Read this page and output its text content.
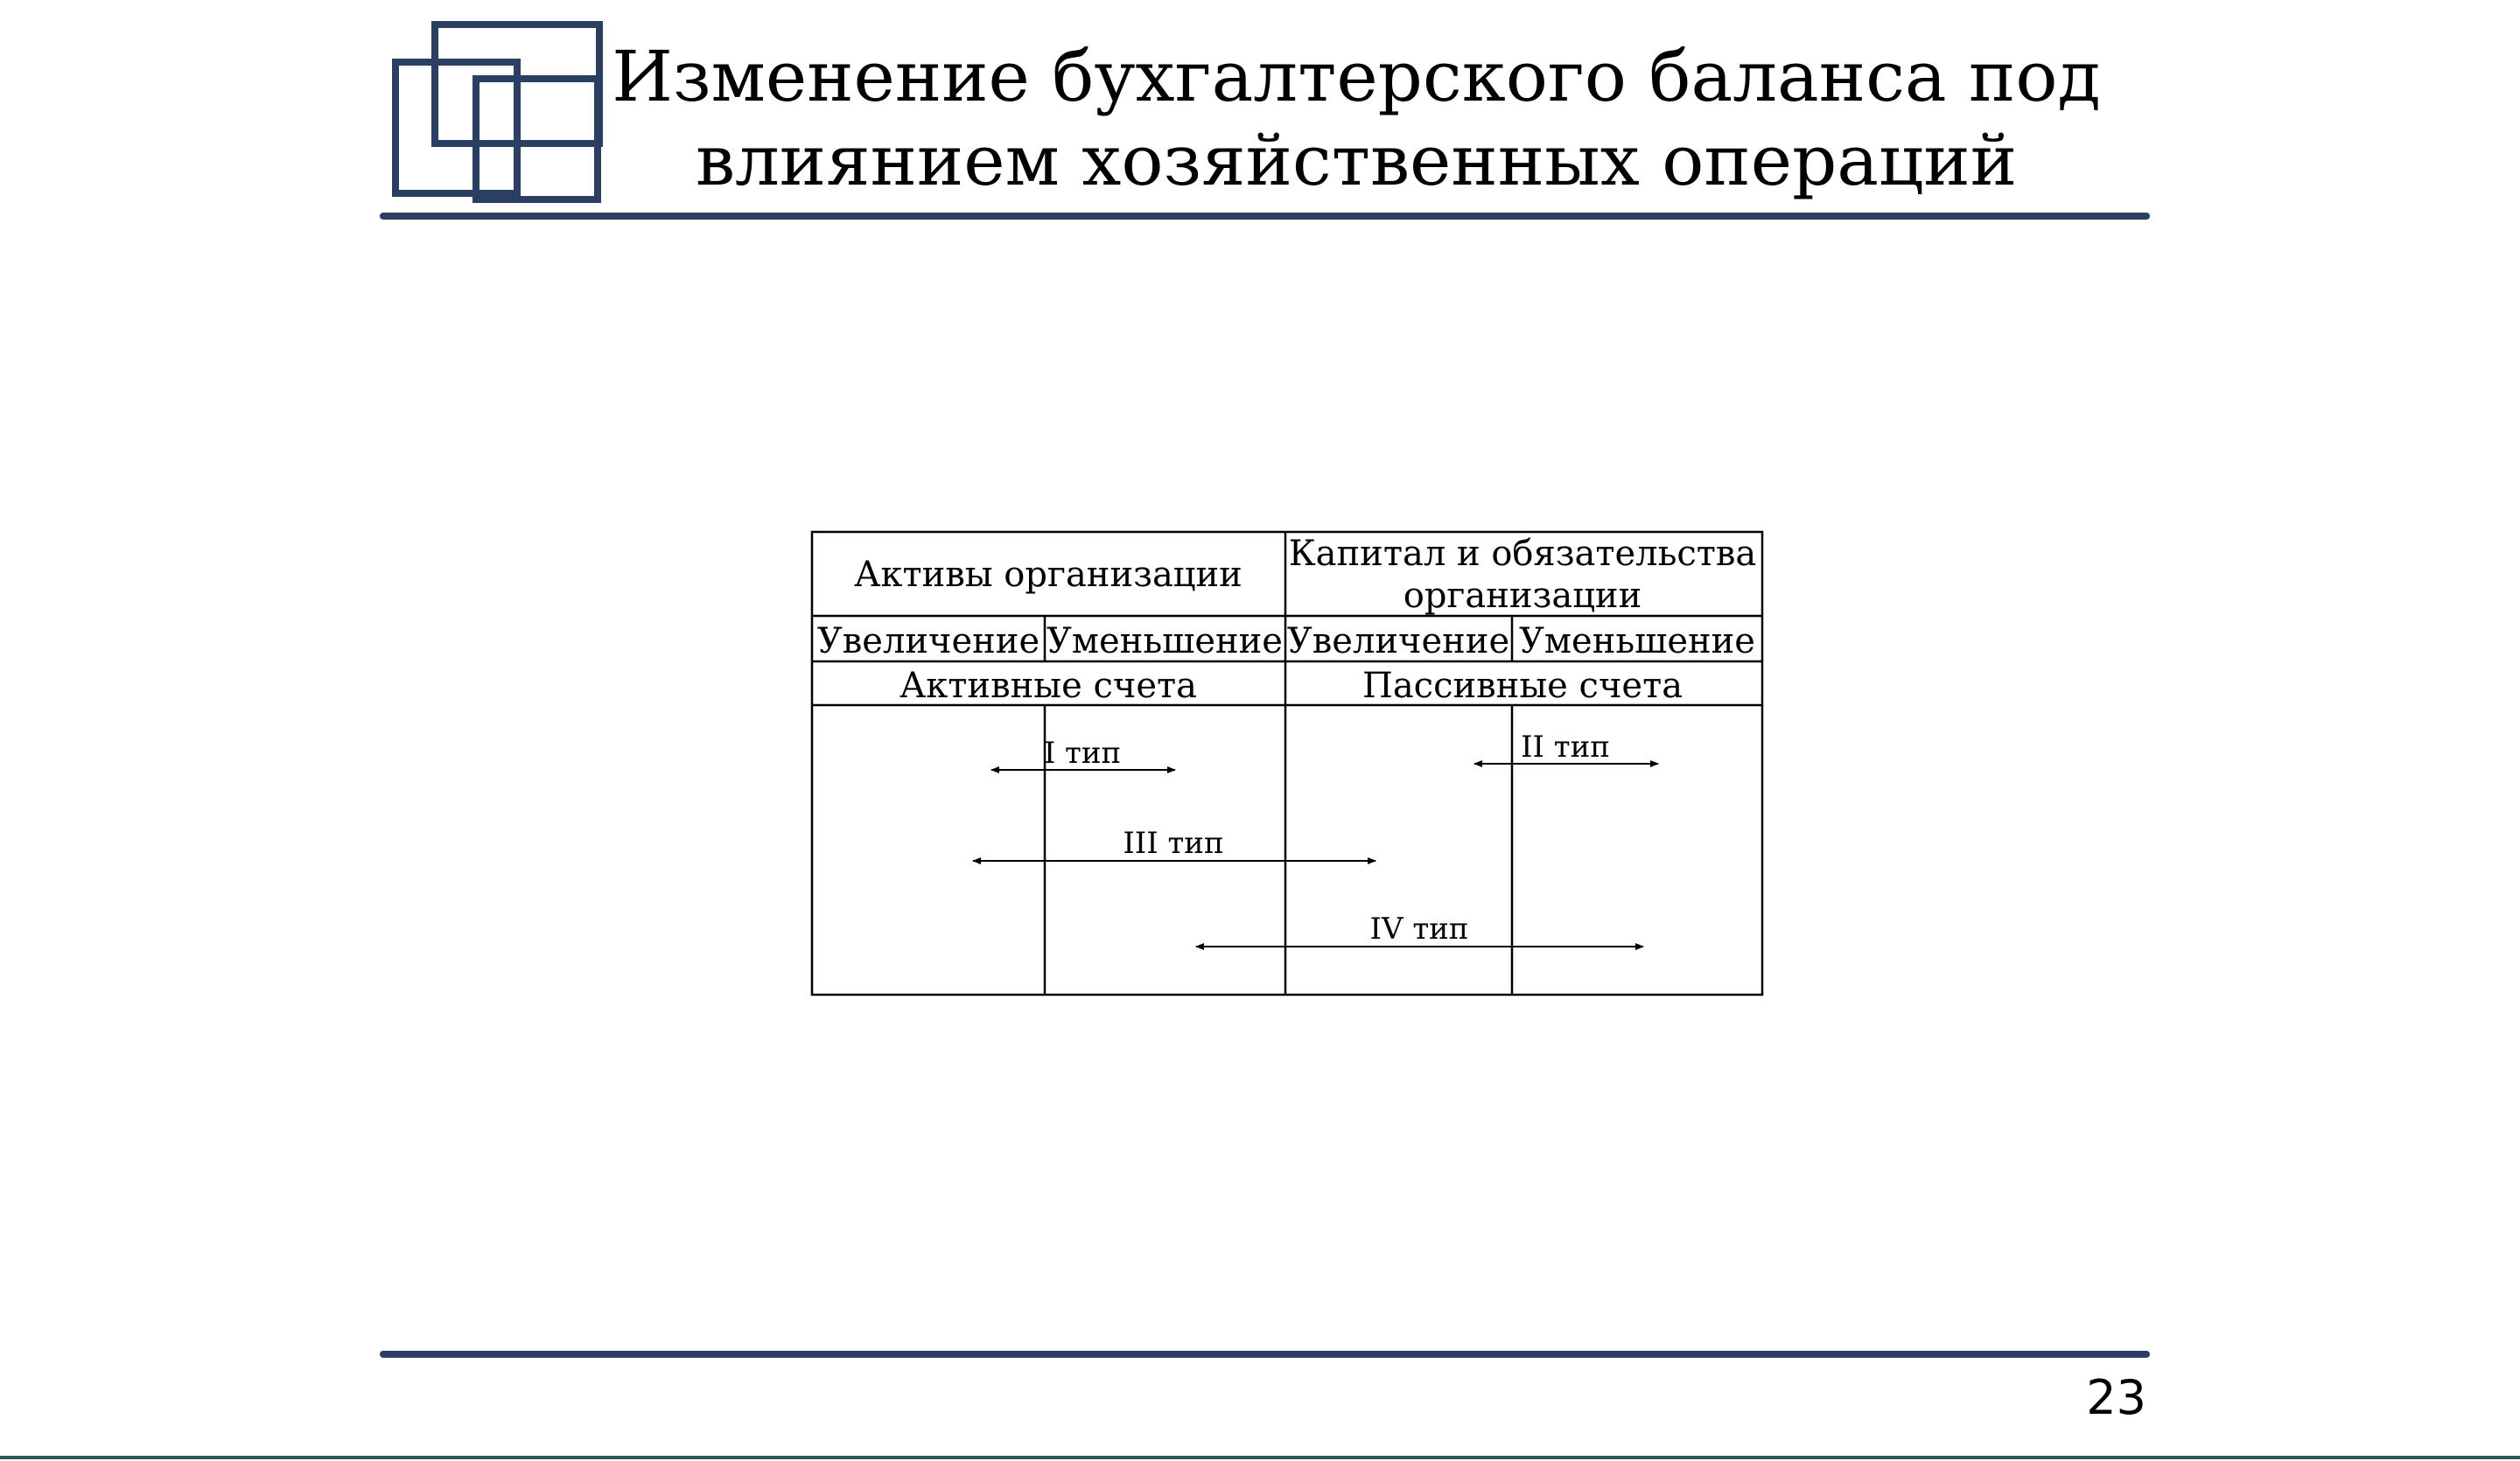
Изменение бухгалтерского баланса под
влиянием хозяйственных операций
Активы организации
Капитал и обязательства
организации
Увеличение Уменьшение Увеличение Уменьшение
Активные счета	Пассивные счета
I тип	II тип
III тип
IV тип
23
